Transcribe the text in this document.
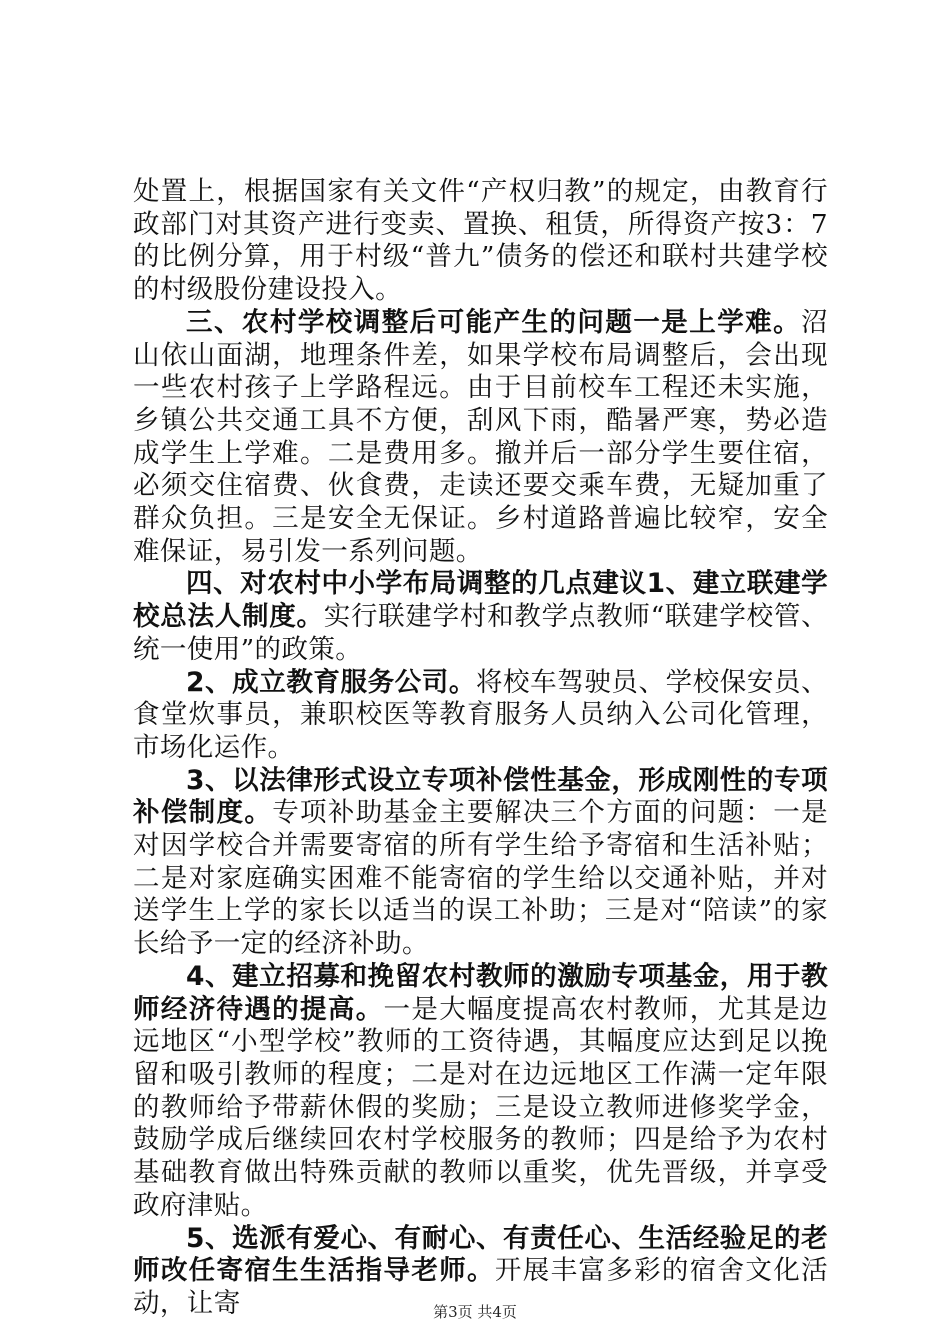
处置上，根据国家有关文件“产权归教”的规定，由教育行政部门对其资产进行变卖、置换、租赁，所得资产按3：7的比例分算，用于村级“普九”债务的偿还和联村共建学校的村级股份建设投入。

三、农村学校调整后可能产生的问题一是上学难。沼山依山面湖，地理条件差，如果学校布局调整后，会出现一些农村孩子上学路程远。由于目前校车工程还未实施，乡镇公共交通工具不方便，刮风下雨，酷暑严寒，势必造成学生上学难。二是费用多。撤并后一部分学生要住宿，必须交住宿费、伙食费，走读还要交乘车费，无疑加重了群众负担。三是安全无保证。乡村道路普遍比较窄，安全难保证，易引发一系列问题。

四、对农村中小学布局调整的几点建议1、建立联建学校总法人制度。实行联建学村和教学点教师“联建学校管、统一使用”的政策。

2、成立教育服务公司。将校车驾驶员、学校保安员、食堂炊事员，兼职校医等教育服务人员纳入公司化管理，市场化运作。

3、以法律形式设立专项补偿性基金，形成刚性的专项补偿制度。专项补助基金主要解决三个方面的问题：一是对因学校合并需要寄宿的所有学生给予寄宿和生活补贴；二是对家庭确实困难不能寄宿的学生给以交通补贴，并对送学生上学的家长以适当的误工补助；三是对“陪读”的家长给予一定的经济补助。

4、建立招募和挽留农村教师的激励专项基金，用于教师经济待遇的提高。一是大幅度提高农村教师，尤其是边远地区“小型学校”教师的工资待遇，其幅度应达到足以挽留和吸引教师的程度；二是对在边远地区工作满一定年限的教师给予带薪休假的奖励；三是设立教师进修奖学金，鼓励学成后继续回农村学校服务的教师；四是给予为农村基础教育做出特殊贡献的教师以重奖，优先晋级，并享受政府津贴。

5、选派有爱心、有耐心、有责任心、生活经验足的老师改任寄宿生生活指导老师。开展丰富多彩的宿舍文化活动，让寄	第3页 共4页
